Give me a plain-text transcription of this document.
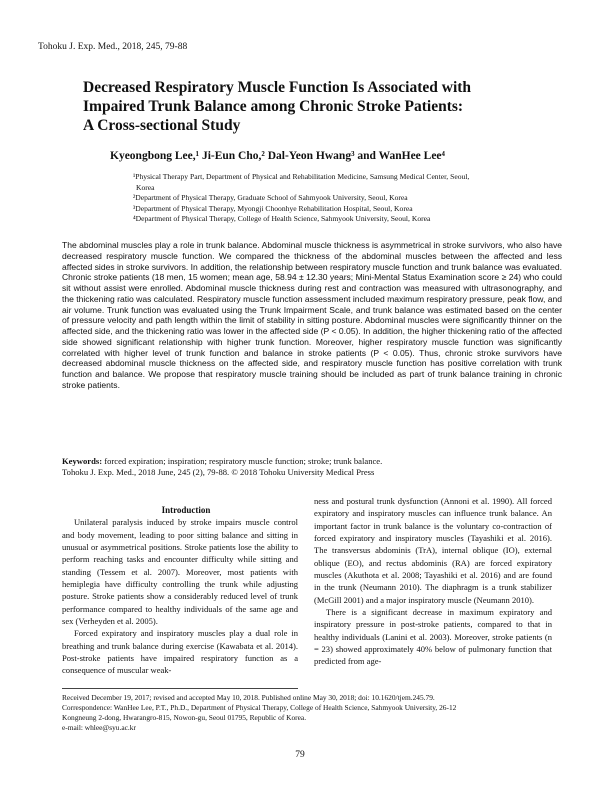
Tohoku J. Exp. Med., 2018, 245, 79-88
Decreased Respiratory Muscle Function Is Associated with
Impaired Trunk Balance among Chronic Stroke Patients:
A Cross-sectional Study
Kyeongbong Lee,¹ Ji-Eun Cho,² Dal-Yeon Hwang³ and WanHee Lee⁴
¹Physical Therapy Part, Department of Physical and Rehabilitation Medicine, Samsung Medical Center, Seoul,
Korea
²Department of Physical Therapy, Graduate School of Sahmyook University, Seoul, Korea
³Department of Physical Therapy, Myongji Choonhye Rehabilitation Hospital, Seoul, Korea
⁴Department of Physical Therapy, College of Health Science, Sahmyook University, Seoul, Korea
The abdominal muscles play a role in trunk balance. Abdominal muscle thickness is asymmetrical in stroke survivors, who also have decreased respiratory muscle function. We compared the thickness of the abdominal muscles between the affected and less affected sides in stroke survivors. In addition, the relationship between respiratory muscle function and trunk balance was evaluated. Chronic stroke patients (18 men, 15 women; mean age, 58.94 ± 12.30 years; Mini-Mental Status Examination score ≥ 24) who could sit without assist were enrolled. Abdominal muscle thickness during rest and contraction was measured with ultrasonography, and the thickening ratio was calculated. Respiratory muscle function assessment included maximum respiratory pressure, peak flow, and air volume. Trunk function was evaluated using the Trunk Impairment Scale, and trunk balance was estimated based on the center of pressure velocity and path length within the limit of stability in sitting posture. Abdominal muscles were significantly thinner on the affected side, and the thickening ratio was lower in the affected side (P < 0.05). In addition, the higher thickening ratio of the affected side showed significant relationship with higher trunk function. Moreover, higher respiratory muscle function was significantly correlated with higher level of trunk function and balance in stroke patients (P < 0.05). Thus, chronic stroke survivors have decreased abdominal muscle thickness on the affected side, and respiratory muscle function has positive correlation with trunk function and balance. We propose that respiratory muscle training should be included as part of trunk balance training in chronic stroke patients.
Keywords: forced expiration; inspiration; respiratory muscle function; stroke; trunk balance.
Tohoku J. Exp. Med., 2018 June, 245 (2), 79-88. © 2018 Tohoku University Medical Press

Introduction

Unilateral paralysis induced by stroke impairs muscle control and body movement, leading to poor sitting balance and sitting in unusual or asymmetrical positions. Stroke patients lose the ability to perform reaching tasks and encounter difficulty while sitting and standing (Tessem et al. 2007). Moreover, most patients with hemiplegia have difficulty controlling the trunk while adjusting posture. Stroke patients show a considerably reduced level of trunk performance compared to healthy individuals of the same age and sex (Verheyden et al. 2005).

Forced expiratory and inspiratory muscles play a dual role in breathing and trunk balance during exercise (Kawabata et al. 2014). Post-stroke patients have impaired respiratory function as a consequence of muscular weak-

ness and postural trunk dysfunction (Annoni et al. 1990). All forced expiratory and inspiratory muscles can influence trunk balance. An important factor in trunk balance is the voluntary co-contraction of forced expiratory and inspiratory muscles (Tayashiki et al. 2016). The transversus abdominis (TrA), internal oblique (IO), external oblique (EO), and rectus abdominis (RA) are forced expiratory muscles (Akuthota et al. 2008; Tayashiki et al. 2016) and are found in the trunk (Neumann 2010). The diaphragm is a trunk stabilizer (McGill 2001) and a major inspiratory muscle (Neumann 2010).

There is a significant decrease in maximum expiratory and inspiratory pressure in post-stroke patients, compared to that in healthy individuals (Lanini et al. 2003). Moreover, stroke patients (n = 23) showed approximately 40% below of pulmonary function that predicted from age-

Received December 19, 2017; revised and accepted May 10, 2018. Published online May 30, 2018; doi: 10.1620/tjem.245.79.
Correspondence: WanHee Lee, P.T., Ph.D., Department of Physical Therapy, College of Health Science, Sahmyook University, 26-12
Kongneung 2-dong, Hwarangro-815, Nowon-gu, Seoul 01795, Republic of Korea.
e-mail: whlee@syu.ac.kr
79
